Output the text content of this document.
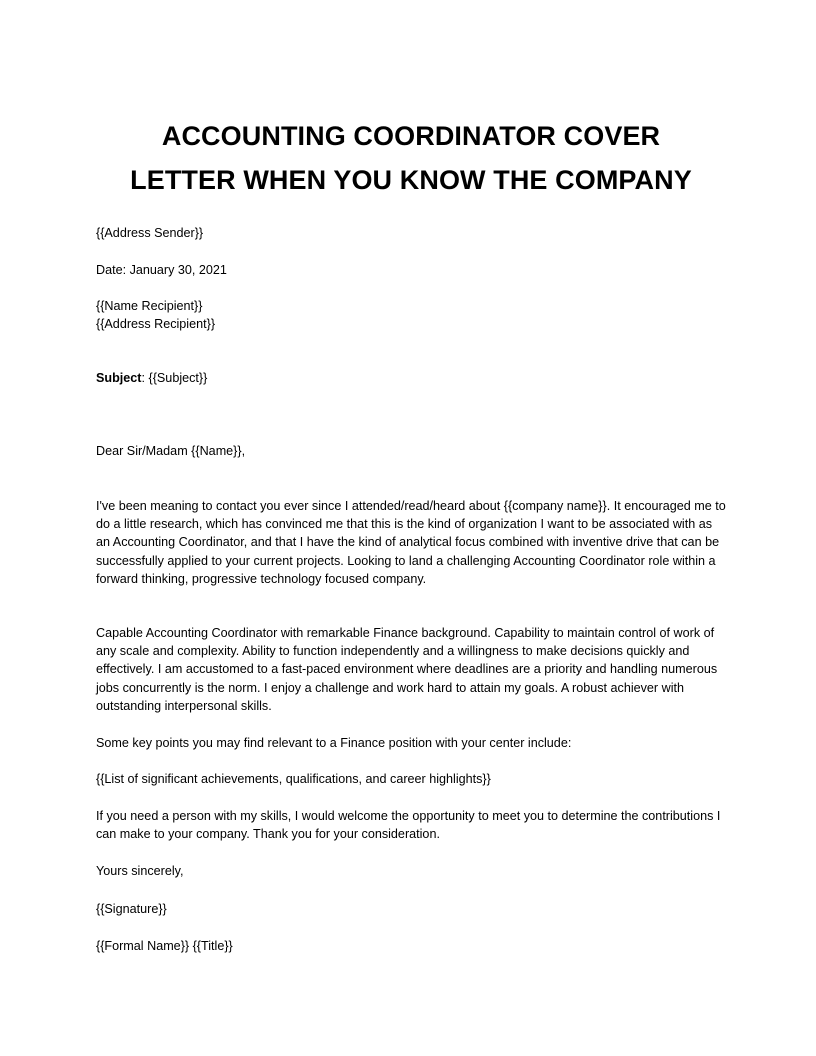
ACCOUNTING COORDINATOR COVER
LETTER WHEN YOU KNOW THE COMPANY

{{Address Sender}}

Date: January 30, 2021

{{Name Recipient}}

{{Address Recipient}}

Subject: {{Subject}}

Dear Sir/Madam {{Name}},

I've been meaning to contact you ever since I attended/read/heard about {{company name}}. It encouraged me to do a little research, which has convinced me that this is the kind of organization I want to be associated with as an Accounting Coordinator, and that I have the kind of analytical focus combined with inventive drive that can be successfully applied to your current projects. Looking to land a challenging Accounting Coordinator role within a forward thinking, progressive technology focused company.

Capable Accounting Coordinator with remarkable Finance background. Capability to maintain control of work of any scale and complexity. Ability to function independently and a willingness to make decisions quickly and effectively. I am accustomed to a fast-paced environment where deadlines are a priority and handling numerous jobs concurrently is the norm. I enjoy a challenge and work hard to attain my goals. A robust achiever with outstanding interpersonal skills.

Some key points you may find relevant to a Finance position with your center include:

{{List of significant achievements, qualifications, and career highlights}}

If you need a person with my skills, I would welcome the opportunity to meet you to determine the contributions I can make to your company. Thank you for your consideration.

Yours sincerely,

{{Signature}}

{{Formal Name}} {{Title}}
